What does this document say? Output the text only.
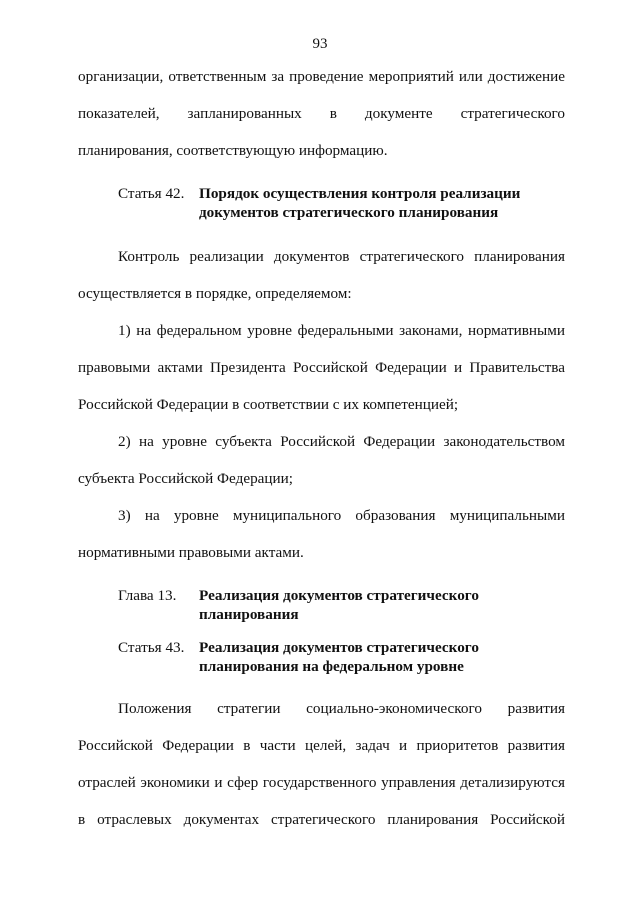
93

организации, ответственным за проведение мероприятий или достижение показателей, запланированных в документе стратегического планирования, соответствующую информацию.

Статья 42. Порядок осуществления контроля реализации документов стратегического планирования

Контроль реализации документов стратегического планирования осуществляется в порядке, определяемом:

1) на федеральном уровне федеральными законами, нормативными правовыми актами Президента Российской Федерации и Правительства Российской Федерации в соответствии с их компетенцией;

2) на уровне субъекта Российской Федерации законодательством субъекта Российской Федерации;

3) на уровне муниципального образования муниципальными нормативными правовыми актами.

Глава 13.	Реализация документов стратегического планирования
Статья 43. Реализация документов стратегического планирования на федеральном уровне

Положения стратегии социально-экономического развития Российской Федерации в части целей, задач и приоритетов развития отраслей экономики и сфер государственного управления детализируются в отраслевых документах стратегического планирования Российской
